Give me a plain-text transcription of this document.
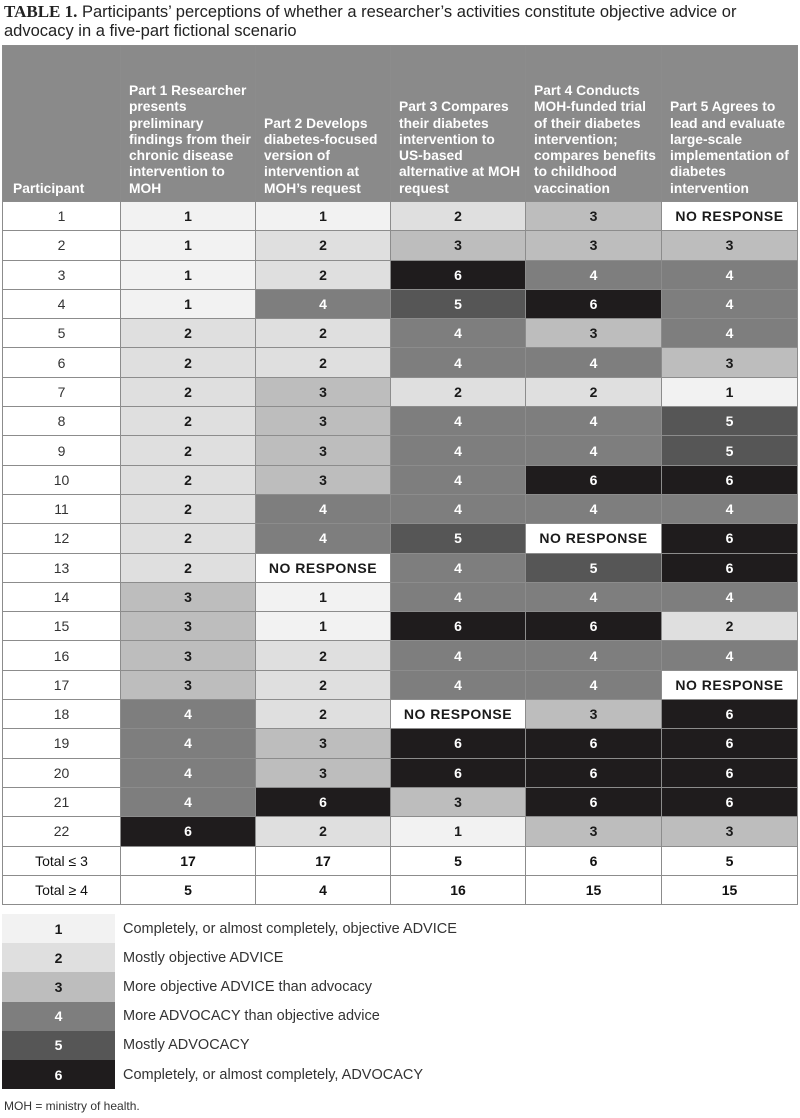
TABLE 1. Participants’ perceptions of whether a researcher’s activities constitute objective advice or advocacy in a five-part fictional scenario
Participant	Part 1 Researcher presents preliminary findings from their chronic disease intervention to MOH	Part 2 Develops diabetes-focused version of intervention at MOH’s request	Part 3 Compares their diabetes intervention to US-based alternative at MOH request	Part 4 Conducts MOH-funded trial of their diabetes intervention; compares benefits to childhood vaccination	Part 5 Agrees to lead and evaluate large-scale implementation of diabetes intervention
1	1	1	2	3	NO RESPONSE
2	1	2	3	3	3
3	1	2	6	4	4
4	1	4	5	6	4
5	2	2	4	3	4
6	2	2	4	4	3
7	2	3	2	2	1
8	2	3	4	4	5
9	2	3	4	4	5
10	2	3	4	6	6
11	2	4	4	4	4
12	2	4	5	NO RESPONSE	6
13	2	NO RESPONSE	4	5	6
14	3	1	4	4	4
15	3	1	6	6	2
16	3	2	4	4	4
17	3	2	4	4	NO RESPONSE
18	4	2	NO RESPONSE	3	6
19	4	3	6	6	6
20	4	3	6	6	6
21	4	6	3	6	6
22	6	2	1	3	3
Total ≤ 3	17	17	5	6	5
Total ≥ 4	5	4	16	15	15
1	Completely, or almost completely, objective ADVICE
2	Mostly objective ADVICE
3	More objective ADVICE than advocacy
4	More ADVOCACY than objective advice
5	Mostly ADVOCACY
6	Completely, or almost completely, ADVOCACY
MOH = ministry of health.
